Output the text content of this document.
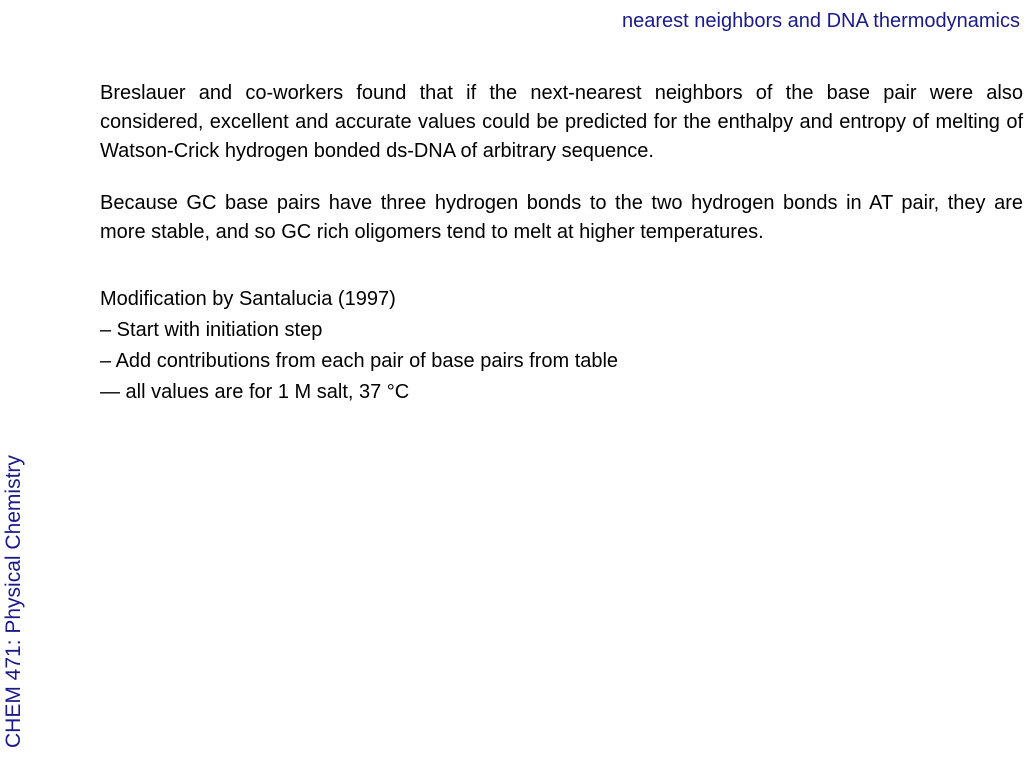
nearest neighbors and DNA thermodynamics
CHEM 471: Physical Chemistry

Breslauer and co-workers found that if the next-nearest neighbors of the base pair were also considered, excellent and accurate values could be predicted for the enthalpy and entropy of melting of Watson-Crick hydrogen bonded ds-DNA of arbitrary sequence.

Because GC base pairs have three hydrogen bonds to the two hydrogen bonds in AT pair, they are more stable, and so GC rich oligomers tend to melt at higher temperatures.

Modification by Santalucia (1997)
– Start with initiation step
– Add contributions from each pair of base pairs from table
— all values are for 1 M salt, 37 °C
